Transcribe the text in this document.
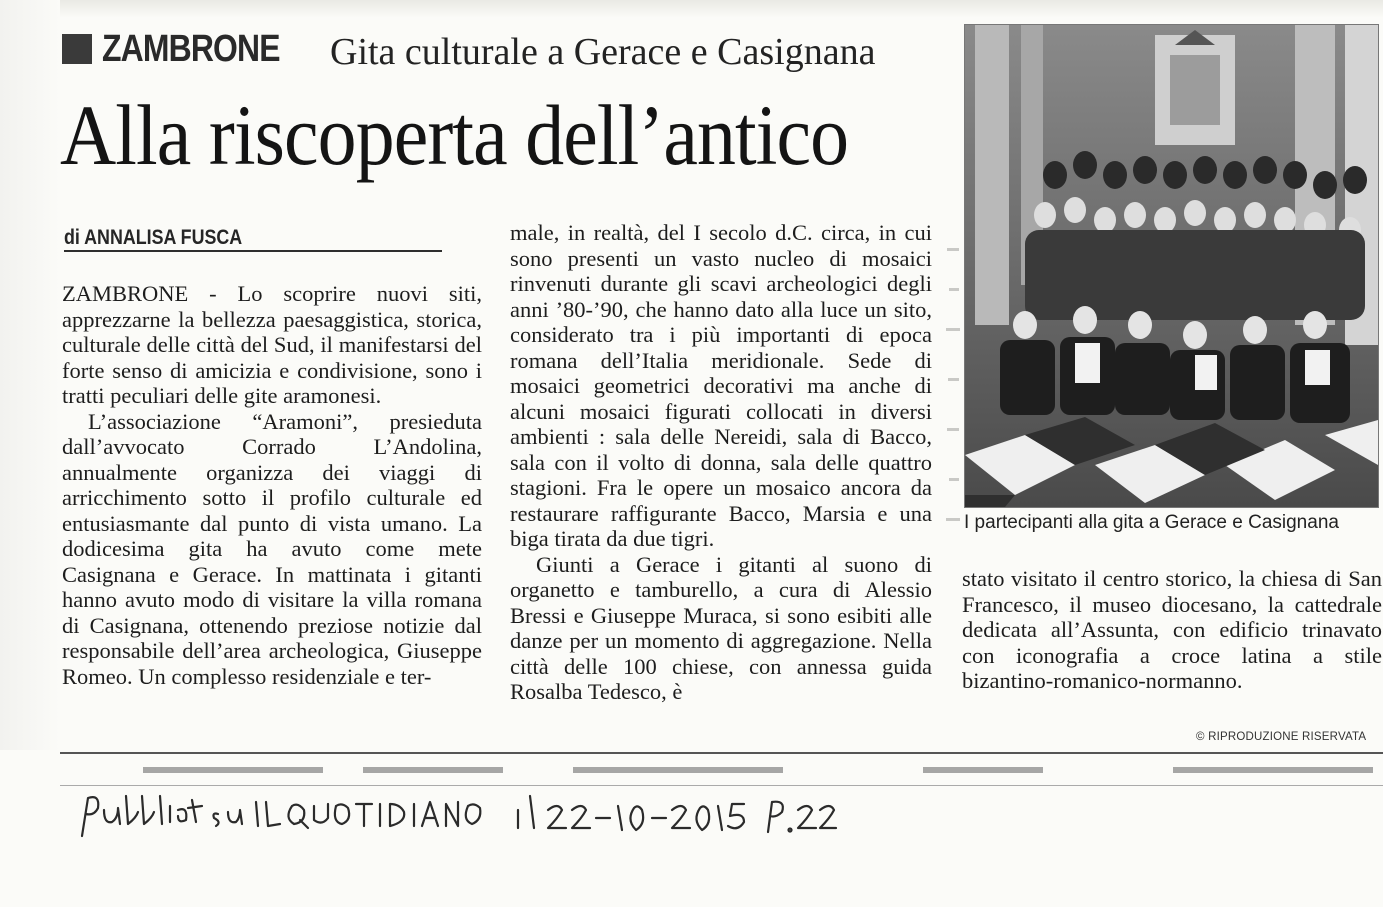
ZAMBRONE Gita culturale a Gerace e Casignana
Alla riscoperta dell’antico
di ANNALISA FUSCA

ZAMBRONE - Lo scoprire nuovi siti, apprezzarne la bellezza paesaggistica, storica, culturale delle città del Sud, il manifestarsi del forte senso di amicizia e condivisione, sono i tratti peculiari delle gite aramonesi.

L’associazione “Aramoni”, presieduta dall’avvocato Corrado L’Andolina, annualmente organizza dei viaggi di arricchimento sotto il profilo culturale ed entusiasmante dal punto di vista umano. La dodicesima gita ha avuto come mete Casignana e Gerace. In mattinata i gitanti hanno avuto modo di visitare la villa romana di Casignana, ottenendo preziose notizie dal responsabile dell’area archeologica, Giuseppe Romeo. Un complesso residenziale e ter-

male, in realtà, del I secolo d.C. circa, in cui sono presenti un vasto nucleo di mosaici rinvenuti durante gli scavi archeologici degli anni ’80-’90, che hanno dato alla luce un sito, considerato tra i più importanti di epoca romana dell’Italia meridionale. Sede di mosaici geometrici decorativi ma anche di alcuni mosaici figurati collocati in diversi ambienti : sala delle Nereidi, sala di Bacco, sala con il volto di donna, sala delle quattro stagioni. Fra le opere un mosaico ancora da restaurare raffigurante Bacco, Marsia e una biga tirata da due tigri.

Giunti a Gerace i gitanti al suono di organetto e tamburello, a cura di Alessio Bressi e Giuseppe Muraca, si sono esibiti alle danze per un momento di aggregazione. Nella città delle 100 chiese, con annessa guida Rosalba Tedesco, è

I partecipanti alla gita a Gerace e Casignana

stato visitato il centro storico, la chiesa di San Francesco, il museo diocesano, la cattedrale dedicata all’Assunta, con edificio trinavato con iconografia a croce latina a stile bizantino-romanico-normanno.

© RIPRODUZIONE RISERVATA
